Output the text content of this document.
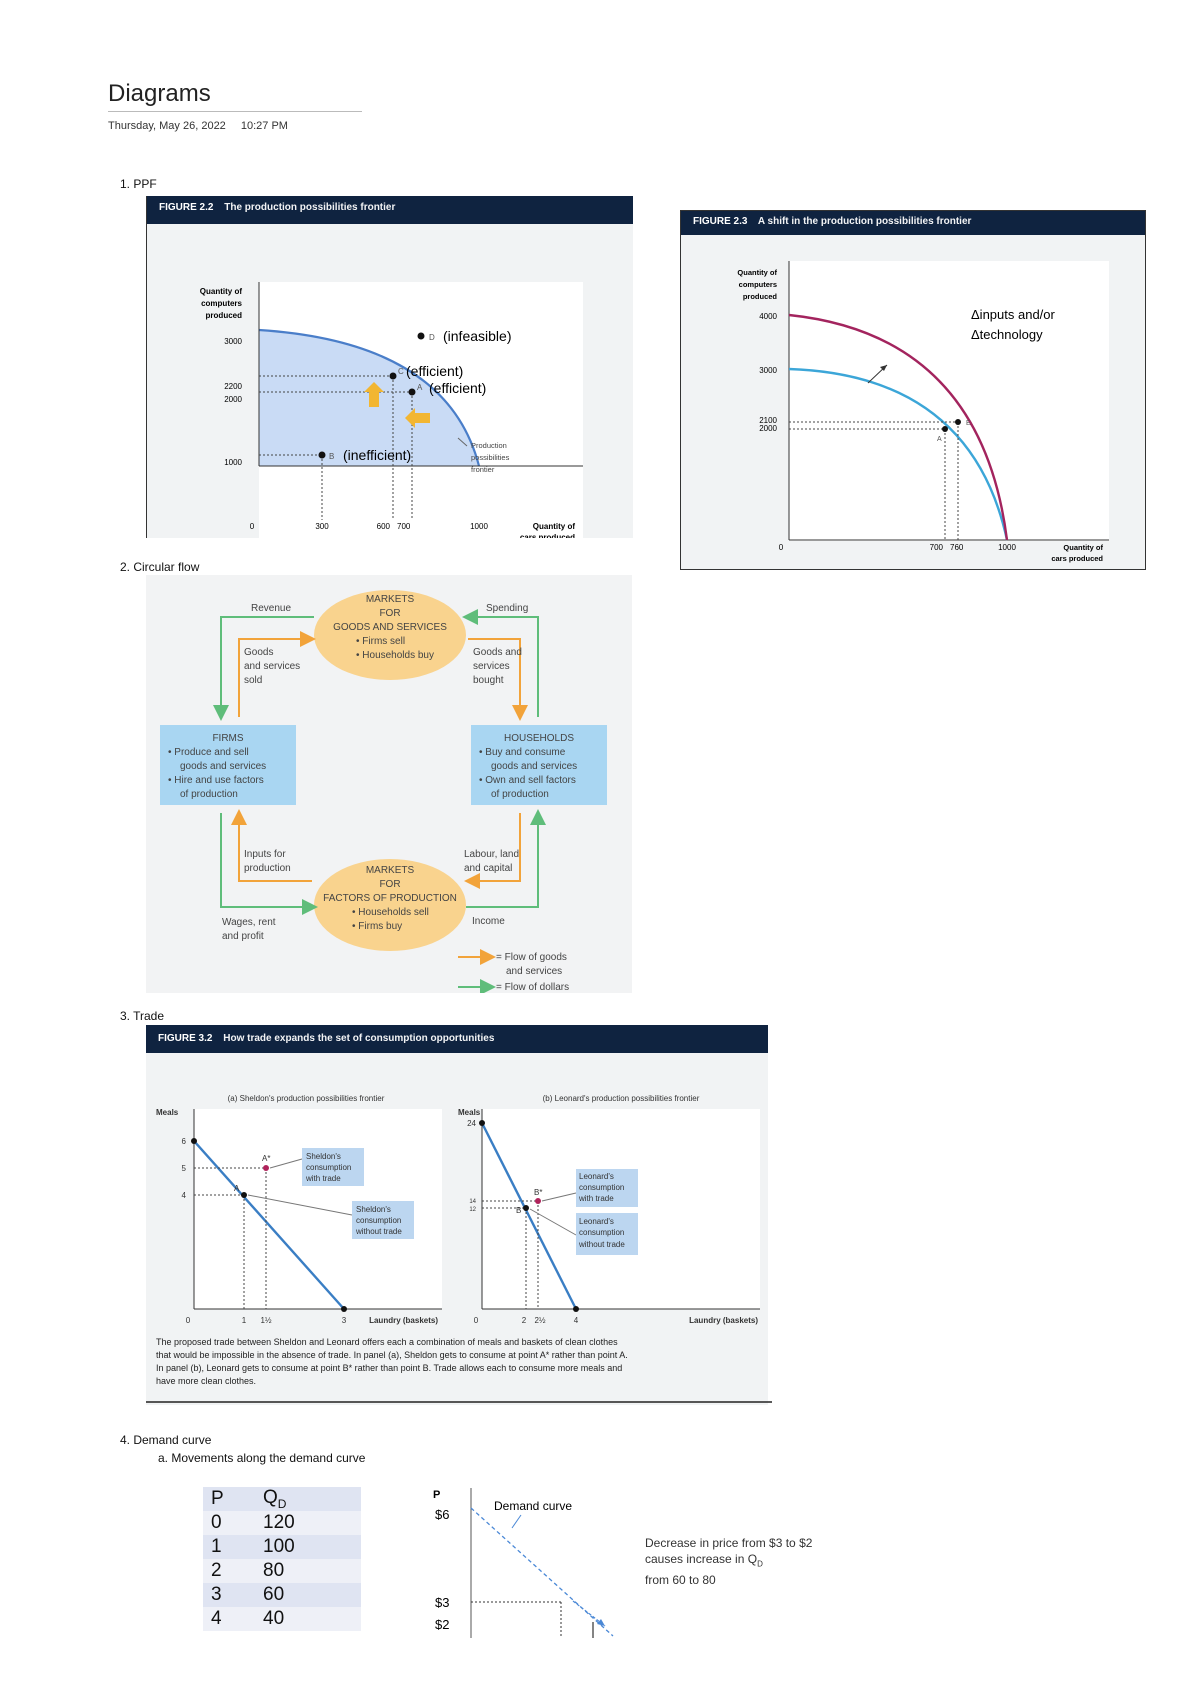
Diagrams
Thursday, May 26, 2022 10:27 PM
1. PPF
2. Circular flow
3. Trade
4. Demand curve
a. Movements along the demand curve
FIGURE 2.2 The production possibilities frontier
Quantity of
computers
produced
3000
2200
2000
1000
0	300	600 700	1000	Quantity of
cars produced
D (infeasible)
C (efficient)
A (efficient)
B (inefficient)
Production
possibilities
frontier
FIGURE 2.3 A shift in the production possibilities frontier
E
A
Quantity of
computers
produced
4000
3000
2100
2000
0	700 760	1000	Quantity of
cars produced
Δinputs and/or
Δtechnology
MARKETS
FOR
GOODS AND SERVICES
• Firms sell
• Households buy
MARKETS
FOR
FACTORS OF PRODUCTION
• Households sell
• Firms buy
FIRMS
• Produce and sell
goods and services
• Hire and use factors
of production
HOUSEHOLDS
• Buy and consume
goods and services
• Own and sell factors
of production
Revenue	Spending
Goods
and services
sold
Goods and
services
bought
Inputs for
production
Labour, land
and capital
Wages, rent
and profit
Income
= Flow of goods
and services
= Flow of dollars
FIGURE 3.2 How trade expands the set of consumption opportunities
(a) Sheldon's production possibilities frontier
Meals
6
5
4
0	1 1½	3	Laundry (baskets)
A
A*	Sheldon's
consumption
with trade
Sheldon's
consumption
without trade
(b) Leonard's production possibilities frontier
Meals
24
14
12
0	2 2½	4	Laundry (baskets)
B
B*
Leonard's
consumption
with trade
Leonard's
consumption
without trade
The proposed trade between Sheldon and Leonard offers each a combination of meals and baskets of clean clothes
that would be impossible in the absence of trade. In panel (a), Sheldon gets to consume at point A* rather than point A.
In panel (b), Leonard gets to consume at point B* rather than point B. Trade allows each to consume more meals and
have more clean clothes.
P	$Q_D$
0	120
1	100
2	80
3	60
4	40
P
$6
$3
$2
Demand curve
Decrease in price from $3 to $2
causes increase in $Q_D$
from 60 to 80
